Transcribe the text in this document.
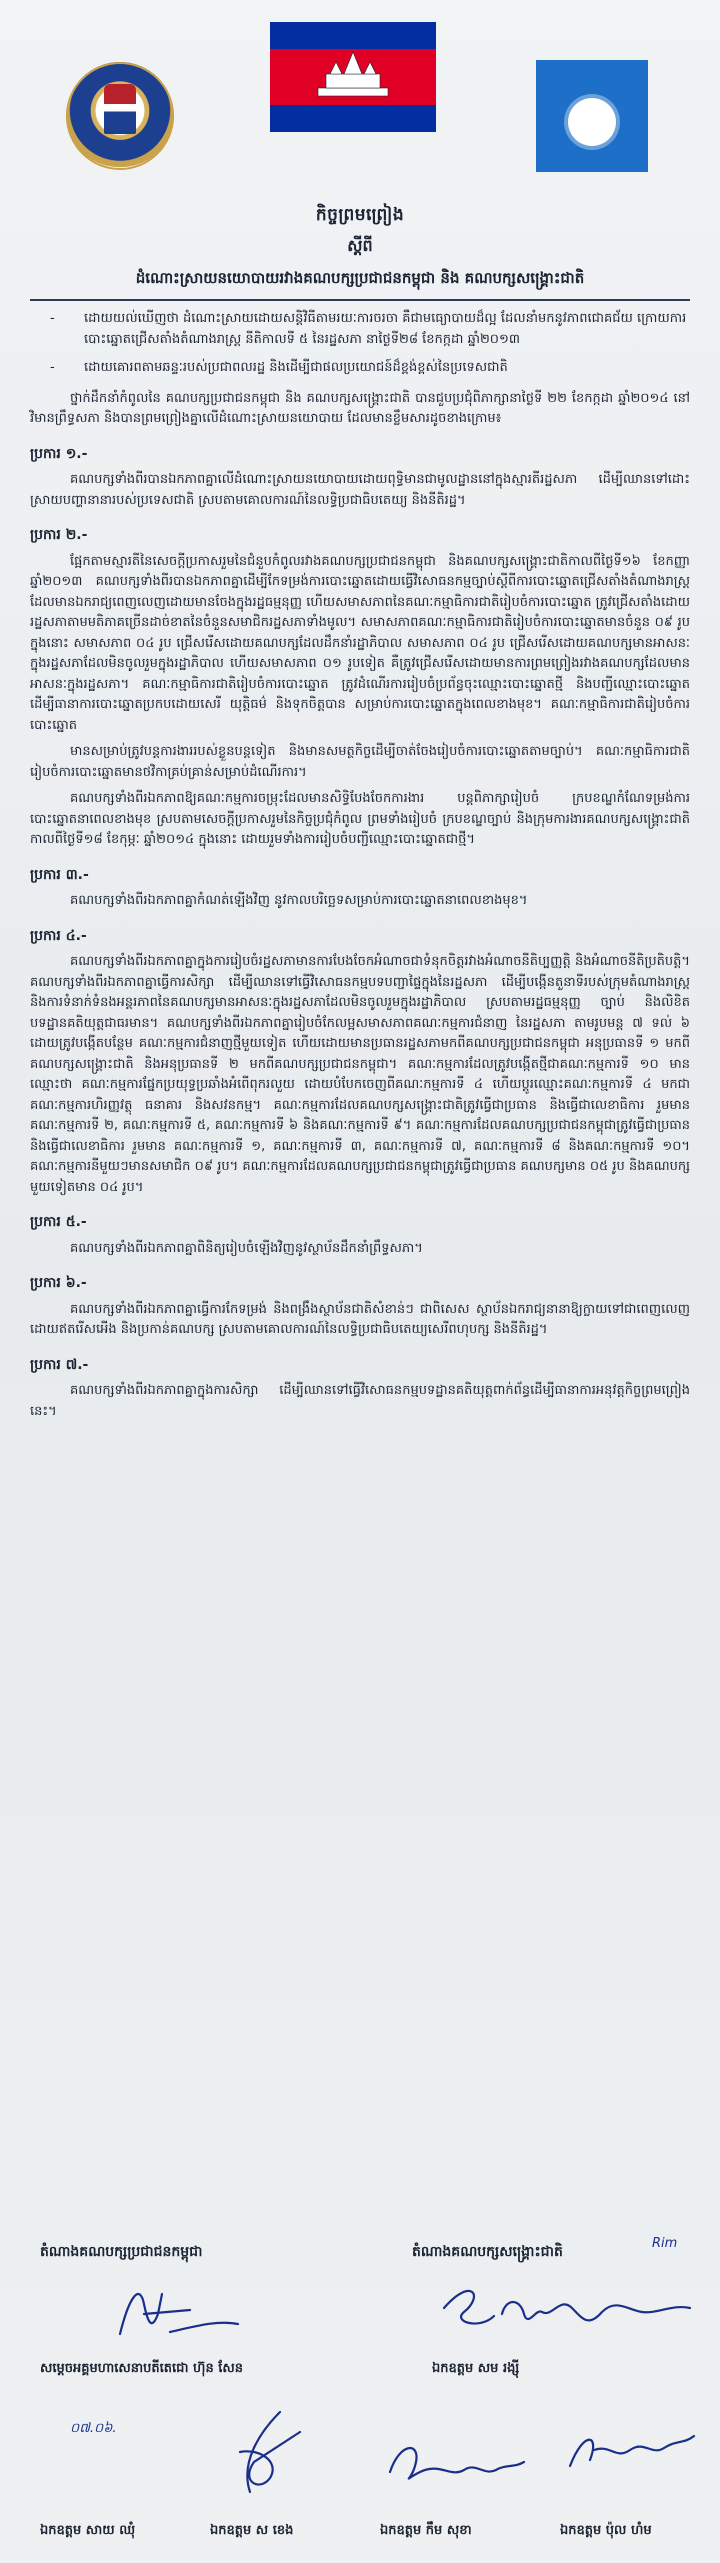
កិច្ចព្រមព្រៀង
ស្តីពី
ដំណោះស្រាយនយោបាយរវាងគណបក្សប្រជាជនកម្ពុជា និង គណបក្សសង្គ្រោះជាតិ
-	ដោយយល់ឃើញថា ដំណោះស្រាយដោយសន្តិវិធីតាមរយៈការចរចា គឺជាមធ្យោបាយដ៏ល្អ ដែលនាំមកនូវភាពជោគជ័យ ក្រោយការបោះឆ្នោតជ្រើសតាំងតំណាងរាស្ត្រ នីតិកាលទី ៥ នៃរដ្ឋសភា នាថ្ងៃទី២៨ ខែកក្កដា ឆ្នាំ២០១៣
-	ដោយគោរពតាមឆន្ទៈរបស់ប្រជាពលរដ្ឋ និងដើម្បីជាផលប្រយោជន៍ដ៏ខ្ពង់ខ្ពស់នៃប្រទេសជាតិ

ថ្នាក់ដឹកនាំកំពូលនៃ គណបក្សប្រជាជនកម្ពុជា និង គណបក្សសង្គ្រោះជាតិ បានជួបប្រជុំពិភាក្សានាថ្ងៃទី ២២ ខែកក្កដា ឆ្នាំ២០១៤ នៅវិមានព្រឹទ្ធសភា និងបានព្រមព្រៀងគ្នាលើដំណោះស្រាយនយោបាយ ដែលមានខ្លឹមសារដូចខាងក្រោម៖

ប្រការ ១.-

គណបក្សទាំងពីរបានឯកភាពគ្នាលើដំណោះស្រាយនយោបាយដោយពុទ្ធិមានជាមូលដ្ឋាននៅក្នុងស្មារតីរដ្ឋសភា ដើម្បីឈានទៅដោះស្រាយបញ្ហានានារបស់ប្រទេសជាតិ ស្របតាមគោលការណ៍នៃលទ្ធិប្រជាធិបតេយ្យ និងនីតិរដ្ឋ។

ប្រការ ២.-

ផ្អែកតាមស្មារតីនៃសេចក្តីប្រកាសរួមនៃជំនួបកំពូលរវាងគណបក្សប្រជាជនកម្ពុជា និងគណបក្សសង្គ្រោះជាតិកាលពីថ្ងៃទី១៦ ខែកញ្ញា ឆ្នាំ២០១៣ គណបក្សទាំងពីរបានឯកភាពគ្នាដើម្បីកែទម្រង់ការបោះឆ្នោតដោយធ្វើវិសោធនកម្មច្បាប់ស្តីពីការបោះឆ្នោតជ្រើសតាំងតំណាងរាស្ត្រ ដែលមានឯករាជ្យពេញលេញដោយមានចែងក្នុងរដ្ឋធម្មនុញ្ញ ហើយសមាសភាពនៃគណៈកម្មាធិការជាតិរៀបចំការបោះឆ្នោត ត្រូវជ្រើសតាំងដោយរដ្ឋសភាតាមមតិភាគច្រើនដាច់ខាតនៃចំនួនសមាជិករដ្ឋសភាទាំងមូល។ សមាសភាពគណៈកម្មាធិការជាតិរៀបចំការបោះឆ្នោតមានចំនួន ០៩ រូប ក្នុងនោះ សមាសភាព ០៤ រូប ជ្រើសរើសដោយគណបក្សដែលដឹកនាំរដ្ឋាភិបាល សមាសភាព ០៤ រូប ជ្រើសរើសដោយគណបក្សមានអាសនៈក្នុងរដ្ឋសភាដែលមិនចូលរួមក្នុងរដ្ឋាភិបាល ហើយសមាសភាព ០១ រូបទៀត គឺត្រូវជ្រើសរើសដោយមានការព្រមព្រៀងរវាងគណបក្សដែលមានអាសនៈក្នុងរដ្ឋសភា។ គណៈកម្មាធិការជាតិរៀបចំការបោះឆ្នោត ត្រូវដំណើរការរៀបចំប្រព័ន្ធចុះឈ្មោះបោះឆ្នោតថ្មី និងបញ្ជីឈ្មោះបោះឆ្នោត ដើម្បីធានាការបោះឆ្នោតប្រកបដោយសេរី យុត្តិធម៌ និងទុកចិត្តបាន សម្រាប់ការបោះឆ្នោតក្នុងពេលខាងមុខ។ គណៈកម្មាធិការជាតិរៀបចំការបោះឆ្នោត

មានសម្រាប់ត្រូវបន្តការងាររបស់ខ្លួនបន្តទៀត និងមានសមត្ថកិច្ចដើម្បីចាត់ចែងរៀបចំការបោះឆ្នោតតាមច្បាប់។ គណៈកម្មាធិការជាតិរៀបចំការបោះឆ្នោតមានថវិកាគ្រប់គ្រាន់សម្រាប់ដំណើរការ។

គណបក្សទាំងពីរឯកភាពឱ្យគណៈកម្មការចម្រុះដែលមានសិទ្ធិបែងចែកការងារ បន្តពិភាក្សារៀបចំ ក្របខណ្ឌកំណែទម្រង់ការបោះឆ្នោតនាពេលខាងមុខ ស្របតាមសេចក្តីប្រកាសរួមនៃកិច្ចប្រជុំកំពូល ព្រមទាំងរៀបចំ ក្របខណ្ឌច្បាប់ និងក្រុមការងារគណបក្សសង្គ្រោះជាតិ កាលពីថ្ងៃទី១៨ ខែកុម្ភៈ ឆ្នាំ២០១៤ ក្នុងនោះ ដោយរួមទាំងការរៀបចំបញ្ជីឈ្មោះបោះឆ្នោតជាថ្មី។

ប្រការ ៣.-

គណបក្សទាំងពីរឯកភាពគ្នាកំណត់ឡើងវិញ នូវកាលបរិច្ឆេទសម្រាប់ការបោះឆ្នោតនាពេលខាងមុខ។

ប្រការ ៤.-

គណបក្សទាំងពីរឯកភាពគ្នាក្នុងការរៀបចំរដ្ឋសភាមានការបែងចែកអំណាចជាទំនុកចិត្តរវាងអំណាចនីតិប្បញ្ញត្តិ និងអំណាចនីតិប្រតិបត្តិ។ គណបក្សទាំងពីរឯកភាពគ្នាធ្វើការសិក្សា ដើម្បីឈានទៅធ្វើវិសោធនកម្មបទបញ្ជាផ្ទៃក្នុងនៃរដ្ឋសភា ដើម្បីបង្កើនតួនាទីរបស់ក្រុមតំណាងរាស្ត្រ និងការទំនាក់ទំនងអន្តរភាពនៃគណបក្សមានអាសនៈក្នុងរដ្ឋសភាដែលមិនចូលរួមក្នុងរដ្ឋាភិបាល ស្របតាមរដ្ឋធម្មនុញ្ញ ច្បាប់ និងលិខិតបទដ្ឋានគតិយុត្តជាធរមាន។ គណបក្សទាំងពីរឯកភាពគ្នារៀបចំកែលម្អសមាសភាពគណៈកម្មការជំនាញ នៃរដ្ឋសភា តាមរូបមន្ត ៧ ទល់ ៦ ដោយត្រូវបង្កើតបន្ថែម គណៈកម្មការជំនាញថ្មីមួយទៀត ហើយដោយមានប្រធានរដ្ឋសភាមកពីគណបក្សប្រជាជនកម្ពុជា អនុប្រធានទី ១ មកពីគណបក្សសង្គ្រោះជាតិ និងអនុប្រធានទី ២ មកពីគណបក្សប្រជាជនកម្ពុជា។ គណៈកម្មការដែលត្រូវបង្កើតថ្មីជាគណៈកម្មការទី ១០ មានឈ្មោះថា គណៈកម្មការផ្នែកប្រយុទ្ធប្រឆាំងអំពើពុករលួយ ដោយបំបែកចេញពីគណៈកម្មការទី ៤ ហើយប្តូរឈ្មោះគណៈកម្មការទី ៤ មកជា គណៈកម្មការហិរញ្ញវត្ថុ ធនាគារ និងសវនកម្ម។ គណៈកម្មការដែលគណបក្សសង្គ្រោះជាតិត្រូវធ្វើជាប្រធាន និងធ្វើជាលេខាធិការ រួមមាន គណៈកម្មការទី ២, គណៈកម្មការទី ៥, គណៈកម្មការទី ៦ និងគណៈកម្មការទី ៩។ គណៈកម្មការដែលគណបក្សប្រជាជនកម្ពុជាត្រូវធ្វើជាប្រធាន និងធ្វើជាលេខាធិការ រួមមាន គណៈកម្មការទី ១, គណៈកម្មការទី ៣, គណៈកម្មការទី ៧, គណៈកម្មការទី ៨ និងគណៈកម្មការទី ១០។ គណៈកម្មការនីមួយៗមានសមាជិក ០៩ រូប។ គណៈកម្មការដែលគណបក្សប្រជាជនកម្ពុជាត្រូវធ្វើជាប្រធាន គណបក្សមាន ០៥ រូប និងគណបក្សមួយទៀតមាន ០៤ រូប។

ប្រការ ៥.-

គណបក្សទាំងពីរឯកភាពគ្នាពិនិត្យរៀបចំឡើងវិញនូវស្ថាប័នដឹកនាំព្រឹទ្ធសភា។

ប្រការ ៦.-

គណបក្សទាំងពីរឯកភាពគ្នាធ្វើការកែទម្រង់ និងពង្រឹងស្ថាប័នជាតិសំខាន់ៗ ជាពិសេស ស្ថាប័នឯករាជ្យនានាឱ្យក្លាយទៅជាពេញលេញដោយឥតរើសអើង និងប្រកាន់គណបក្ស ស្របតាមគោលការណ៍នៃលទ្ធិប្រជាធិបតេយ្យសេរីពហុបក្ស និងនីតិរដ្ឋ។

ប្រការ ៧.-

គណបក្សទាំងពីរឯកភាពគ្នាក្នុងការសិក្សា ដើម្បីឈានទៅធ្វើវិសោធនកម្មបទដ្ឋានគតិយុត្តពាក់ព័ន្ធដើម្បីធានាការអនុវត្តកិច្ចព្រមព្រៀងនេះ។

តំណាងគណបក្សប្រជាជនកម្ពុជា	តំណាងគណបក្សសង្គ្រោះជាតិ
Rim
សម្តេចអគ្គមហាសេនាបតីតេជោ ហ៊ុន សែន	ឯកឧត្តម សម រង្ស៊ី
០៧.០៦.
ឯកឧត្តម សាយ ឈុំ	ឯកឧត្តម ស ខេង	ឯកឧត្តម កឹម សុខា	ឯកឧត្តម ប៉ុល ហំម
